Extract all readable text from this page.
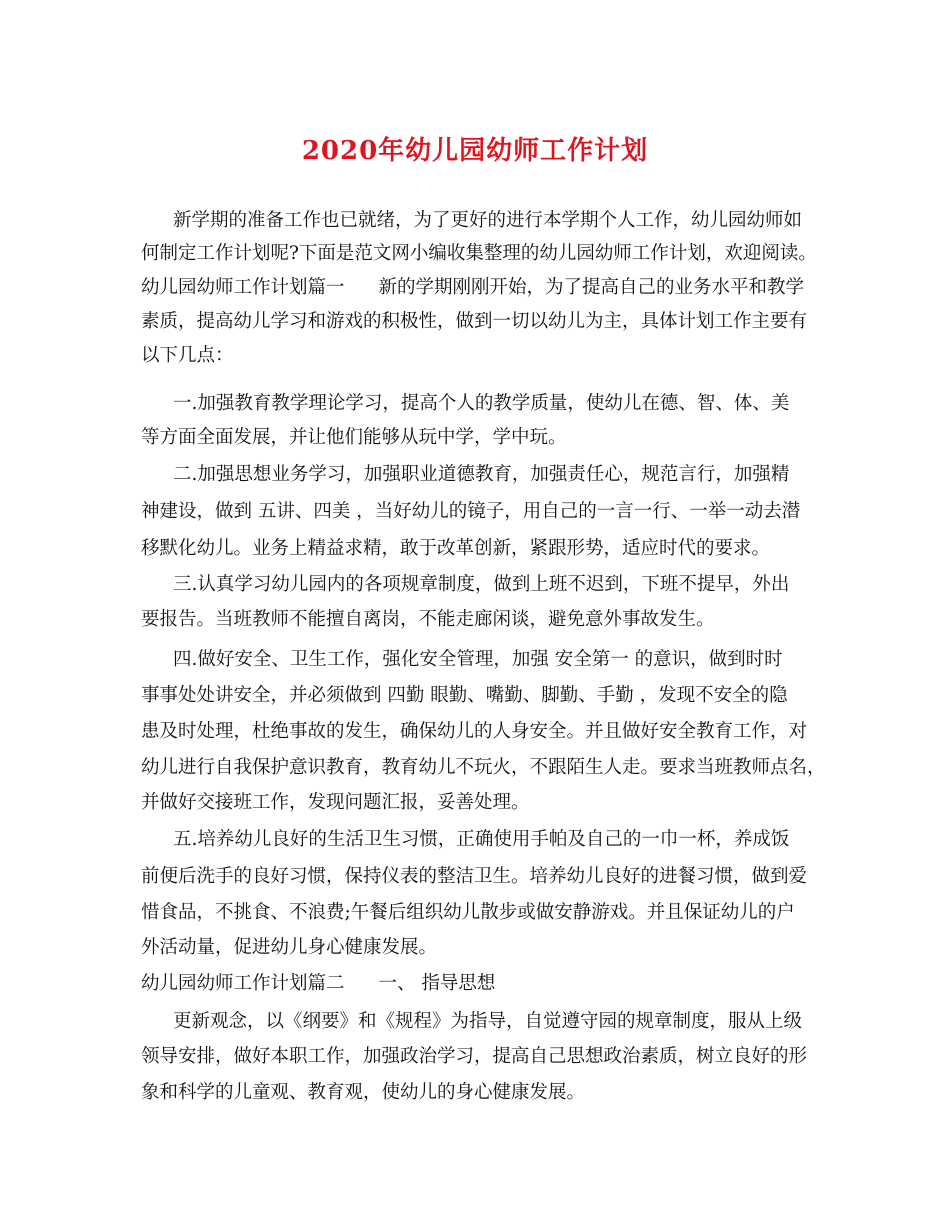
2020年幼儿园幼师工作计划
新学期的准备工作也已就绪，为了更好的进行本学期个人工作，幼儿园幼师如
何制定工作计划呢?下面是范文网小编收集整理的幼儿园幼师工作计划，欢迎阅读。
幼儿园幼师工作计划篇一 新的学期刚刚开始，为了提高自己的业务水平和教学
素质，提高幼儿学习和游戏的积极性，做到一切以幼儿为主，具体计划工作主要有
以下几点：
一.加强教育教学理论学习，提高个人的教学质量，使幼儿在德、智、体、美
等方面全面发展，并让他们能够从玩中学，学中玩。
二.加强思想业务学习，加强职业道德教育，加强责任心，规范言行，加强精
神建设，做到 五讲、四美 ，当好幼儿的镜子，用自己的一言一行、一举一动去潜
移默化幼儿。业务上精益求精，敢于改革创新，紧跟形势，适应时代的要求。
三.认真学习幼儿园内的各项规章制度，做到上班不迟到，下班不提早，外出
要报告。当班教师不能擅自离岗，不能走廊闲谈，避免意外事故发生。
四.做好安全、卫生工作，强化安全管理，加强 安全第一 的意识，做到时时
事事处处讲安全，并必须做到 四勤 眼勤、嘴勤、脚勤、手勤 ，发现不安全的隐
患及时处理，杜绝事故的发生，确保幼儿的人身安全。并且做好安全教育工作，对
幼儿进行自我保护意识教育，教育幼儿不玩火，不跟陌生人走。要求当班教师点名，
并做好交接班工作，发现问题汇报，妥善处理。
五.培养幼儿良好的生活卫生习惯，正确使用手帕及自己的一巾一杯，养成饭
前便后洗手的良好习惯，保持仪表的整洁卫生。培养幼儿良好的进餐习惯，做到爱
惜食品，不挑食、不浪费;午餐后组织幼儿散步或做安静游戏。并且保证幼儿的户
外活动量，促进幼儿身心健康发展。
幼儿园幼师工作计划篇二 一、 指导思想
更新观念，以《纲要》和《规程》为指导，自觉遵守园的规章制度，服从上级
领导安排，做好本职工作，加强政治学习，提高自己思想政治素质，树立良好的形
象和科学的儿童观、教育观，使幼儿的身心健康发展。
